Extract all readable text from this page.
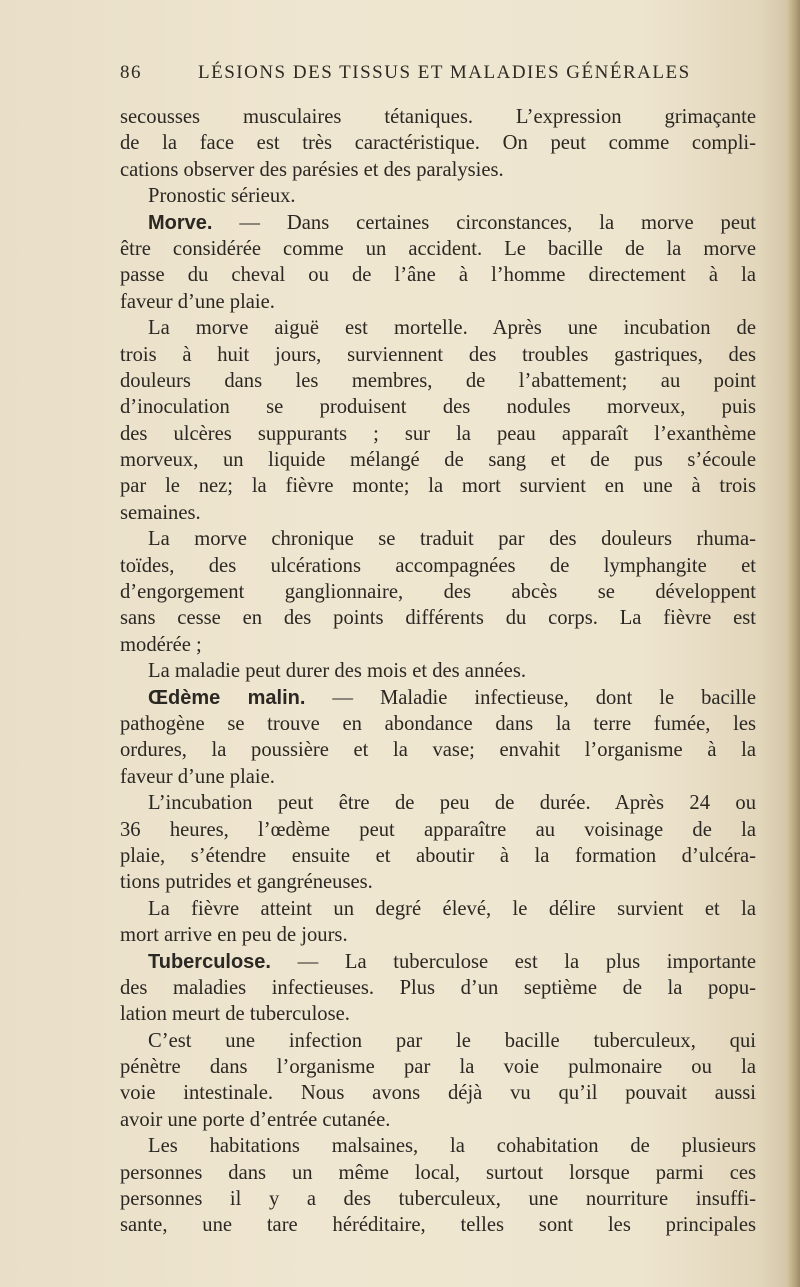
86	LÉSIONS DES TISSUS ET MALADIES GÉNÉRALES
secousses musculaires tétaniques. L’expression grimaçante
de la face est très caractéristique. On peut comme compli-
cations observer des parésies et des paralysies.
Pronostic sérieux.
Morve. — Dans certaines circonstances, la morve peut
être considérée comme un accident. Le bacille de la morve
passe du cheval ou de l’âne à l’homme directement à la
faveur d’une plaie.
La morve aiguë est mortelle. Après une incubation de
trois à huit jours, surviennent des troubles gastriques, des
douleurs dans les membres, de l’abattement; au point
d’inoculation se produisent des nodules morveux, puis
des ulcères suppurants ; sur la peau apparaît l’exanthème
morveux, un liquide mélangé de sang et de pus s’écoule
par le nez; la fièvre monte; la mort survient en une à trois
semaines.
La morve chronique se traduit par des douleurs rhuma-
toïdes, des ulcérations accompagnées de lymphangite et
d’engorgement ganglionnaire, des abcès se développent
sans cesse en des points différents du corps. La fièvre est
modérée ;
La maladie peut durer des mois et des années.
Œdème malin. — Maladie infectieuse, dont le bacille
pathogène se trouve en abondance dans la terre fumée, les
ordures, la poussière et la vase; envahit l’organisme à la
faveur d’une plaie.
L’incubation peut être de peu de durée. Après 24 ou
36 heures, l’œdème peut apparaître au voisinage de la
plaie, s’étendre ensuite et aboutir à la formation d’ulcéra-
tions putrides et gangréneuses.
La fièvre atteint un degré élevé, le délire survient et la
mort arrive en peu de jours.
Tuberculose. — La tuberculose est la plus importante
des maladies infectieuses. Plus d’un septième de la popu-
lation meurt de tuberculose.
C’est une infection par le bacille tuberculeux, qui
pénètre dans l’organisme par la voie pulmonaire ou la
voie intestinale. Nous avons déjà vu qu’il pouvait aussi
avoir une porte d’entrée cutanée.
Les habitations malsaines, la cohabitation de plusieurs
personnes dans un même local, surtout lorsque parmi ces
personnes il y a des tuberculeux, une nourriture insuffi-
sante, une tare héréditaire, telles sont les principales
